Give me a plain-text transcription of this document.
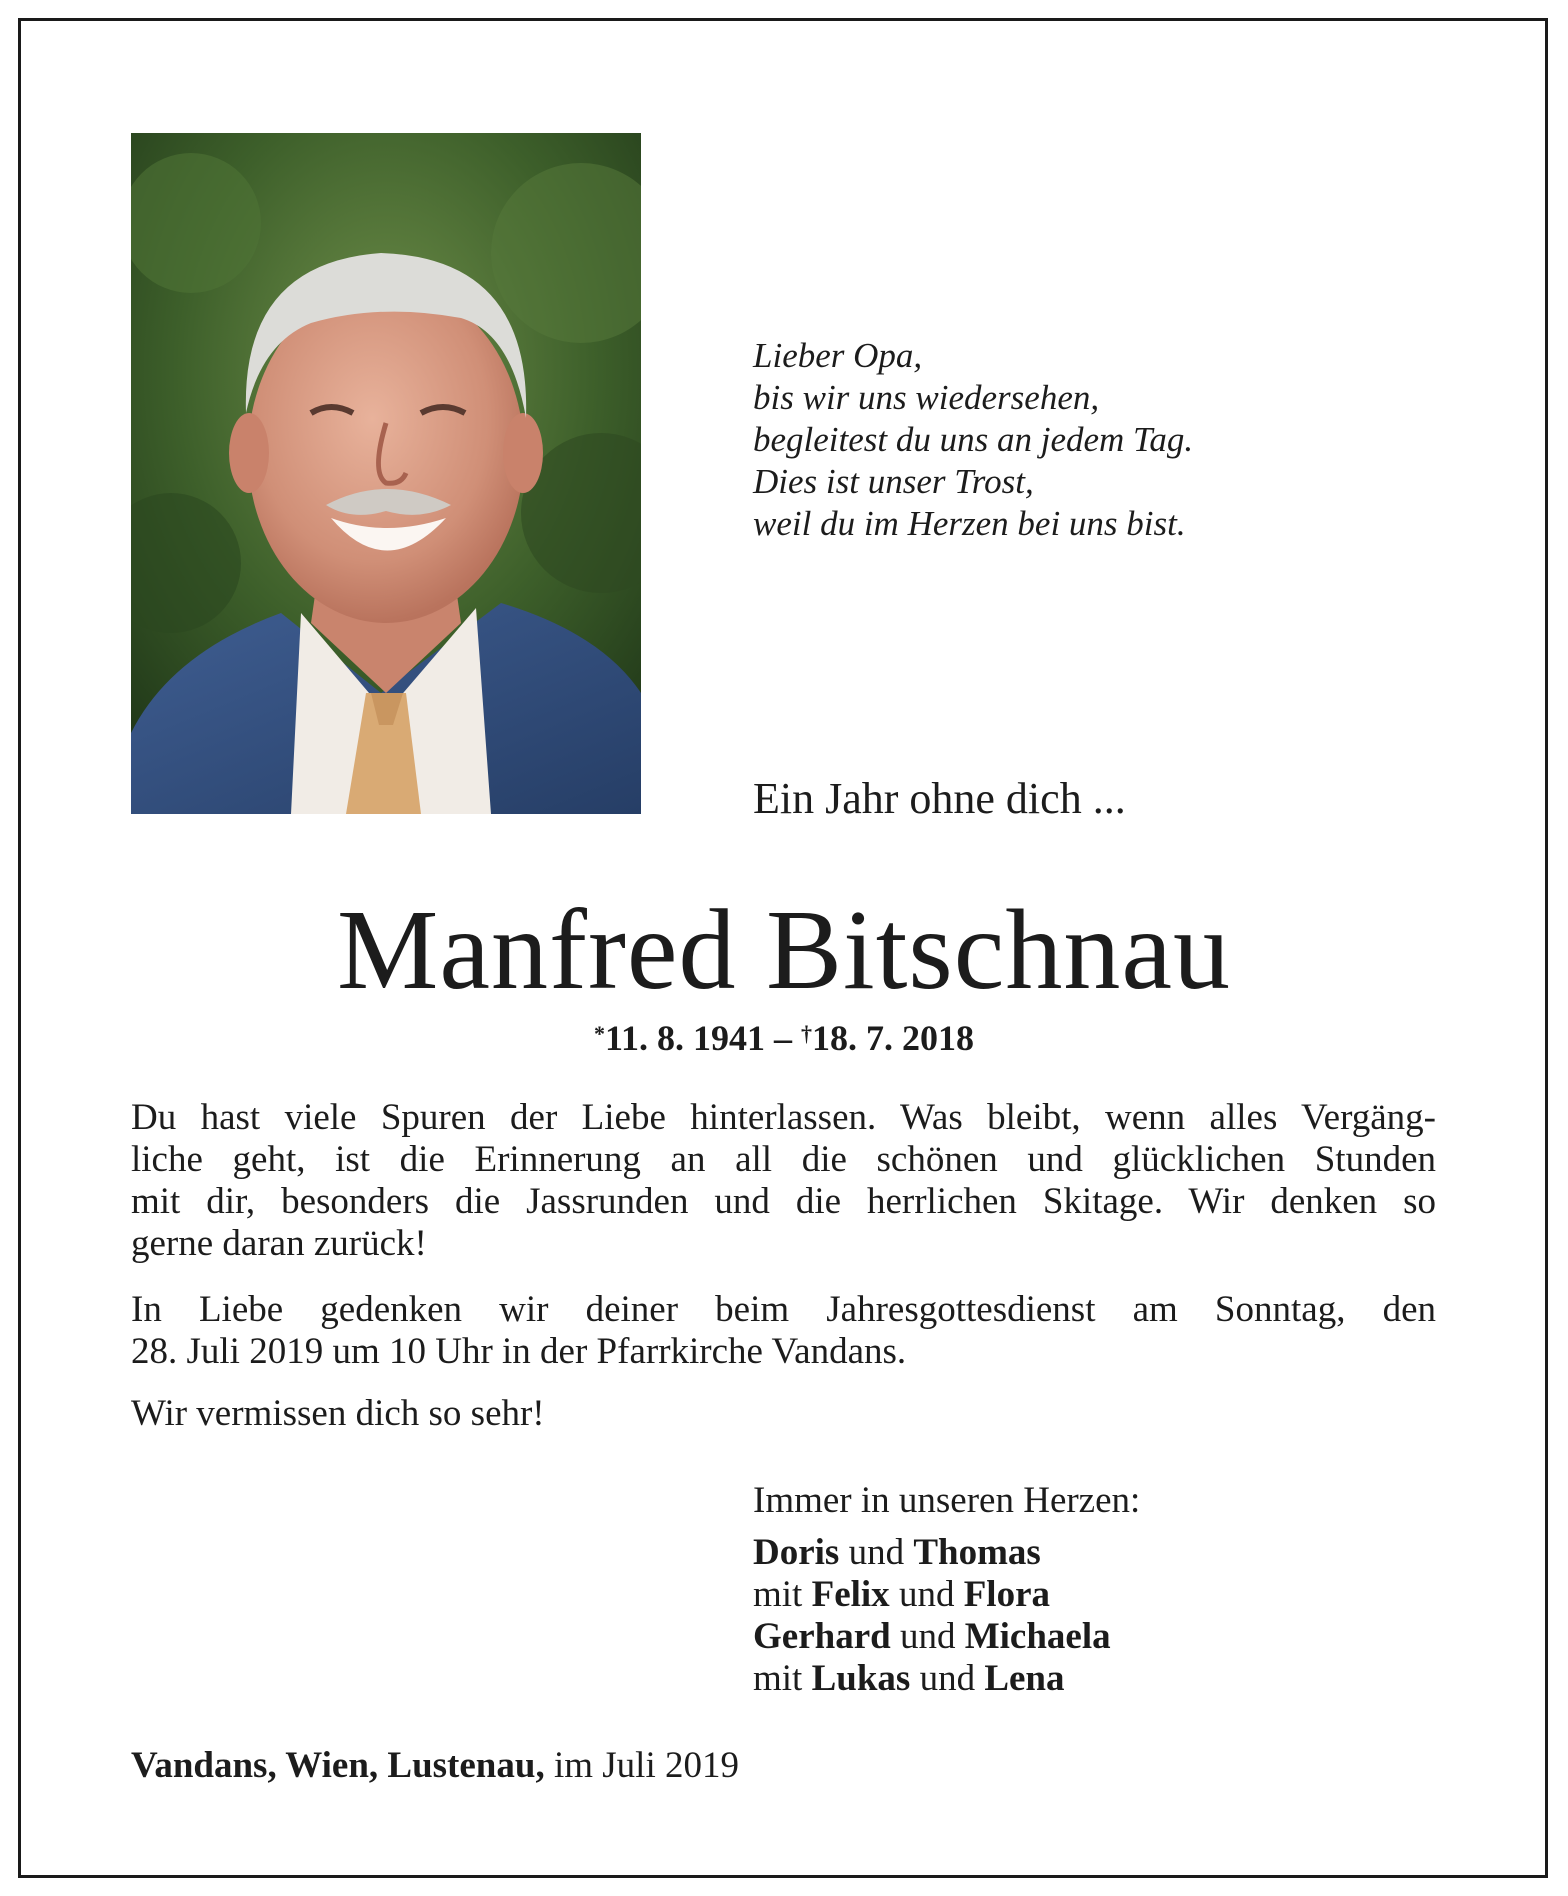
Lieber Opa,
bis wir uns wiedersehen,
begleitest du uns an jedem Tag.
Dies ist unser Trost,
weil du im Herzen bei uns bist.
Ein Jahr ohne dich ...
Manfred Bitschnau
*11. 8. 1941 – †18. 7. 2018
Du hast viele Spuren der Liebe hinterlassen. Was bleibt, wenn alles Vergäng-
liche geht, ist die Erinnerung an all die schönen und glücklichen Stunden
mit dir, besonders die Jassrunden und die herrlichen Skitage. Wir denken so
gerne daran zurück!
In Liebe gedenken wir deiner beim Jahresgottesdienst am Sonntag, den
28. Juli 2019 um 10 Uhr in der Pfarrkirche Vandans.
Wir vermissen dich so sehr!
Immer in unseren Herzen:
Doris und Thomas
mit Felix und Flora
Gerhard und Michaela
mit Lukas und Lena
Vandans, Wien, Lustenau, im Juli 2019
